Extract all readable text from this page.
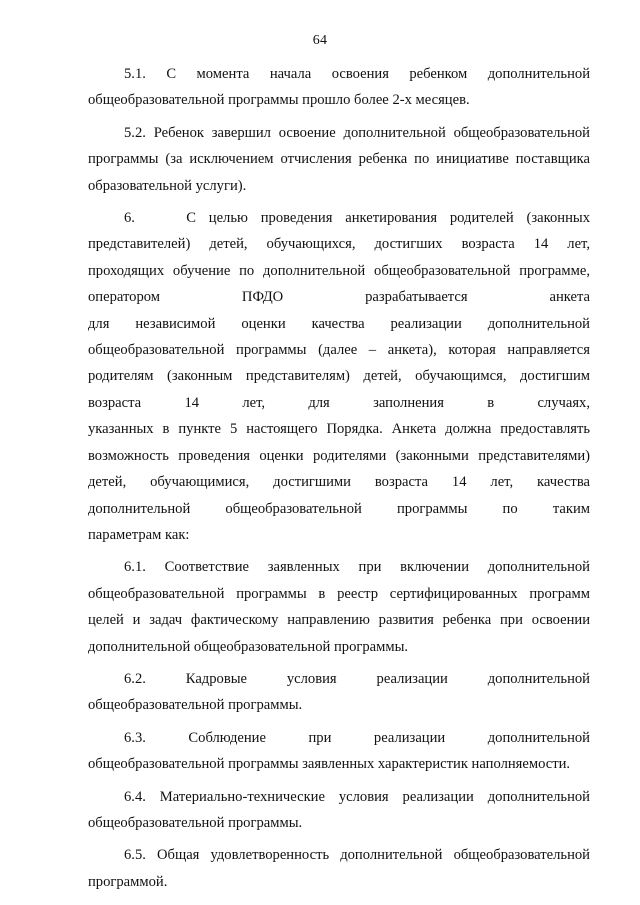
64

5.1.   С   момента   начала   освоения   ребенком   дополнительной
общеобразовательной программы прошло более 2-х месяцев.

5.2. Ребенок завершил освоение дополнительной общеобразовательной
программы (за исключением отчисления ребенка по инициативе поставщика
образовательной услуги).

6.    С целью проведения анкетирования родителей (законных
представителей) детей, обучающихся, достигших возраста 14 лет,
проходящих обучение по дополнительной общеобразовательной программе,
оператором ПФДО разрабатывается анкета
для независимой оценки качества реализации дополнительной
общеобразовательной программы (далее – анкета), которая направляется
родителям (законным представителям) детей, обучающимся, достигшим
возраста 14 лет, для заполнения в случаях,
указанных в пункте 5 настоящего Порядка. Анкета должна предоставлять
возможность проведения оценки родителями (законными представителями)
детей, обучающимися, достигшими возраста 14 лет, качества
дополнительной общеобразовательной программы по таким
параметрам как:

6.1. Соответствие заявленных при включении дополнительной
общеобразовательной программы в реестр сертифицированных программ
целей и задач фактическому направлению развития ребенка при освоении
дополнительной общеобразовательной программы.

6.2. Кадровые условия реализации дополнительной
общеобразовательной программы.

6.3. Соблюдение при реализации дополнительной
общеобразовательной программы заявленных характеристик наполняемости.

6.4. Материально-технические условия реализации дополнительной
общеобразовательной программы.

6.5. Общая удовлетворенность дополнительной общеобразовательной
программой.
